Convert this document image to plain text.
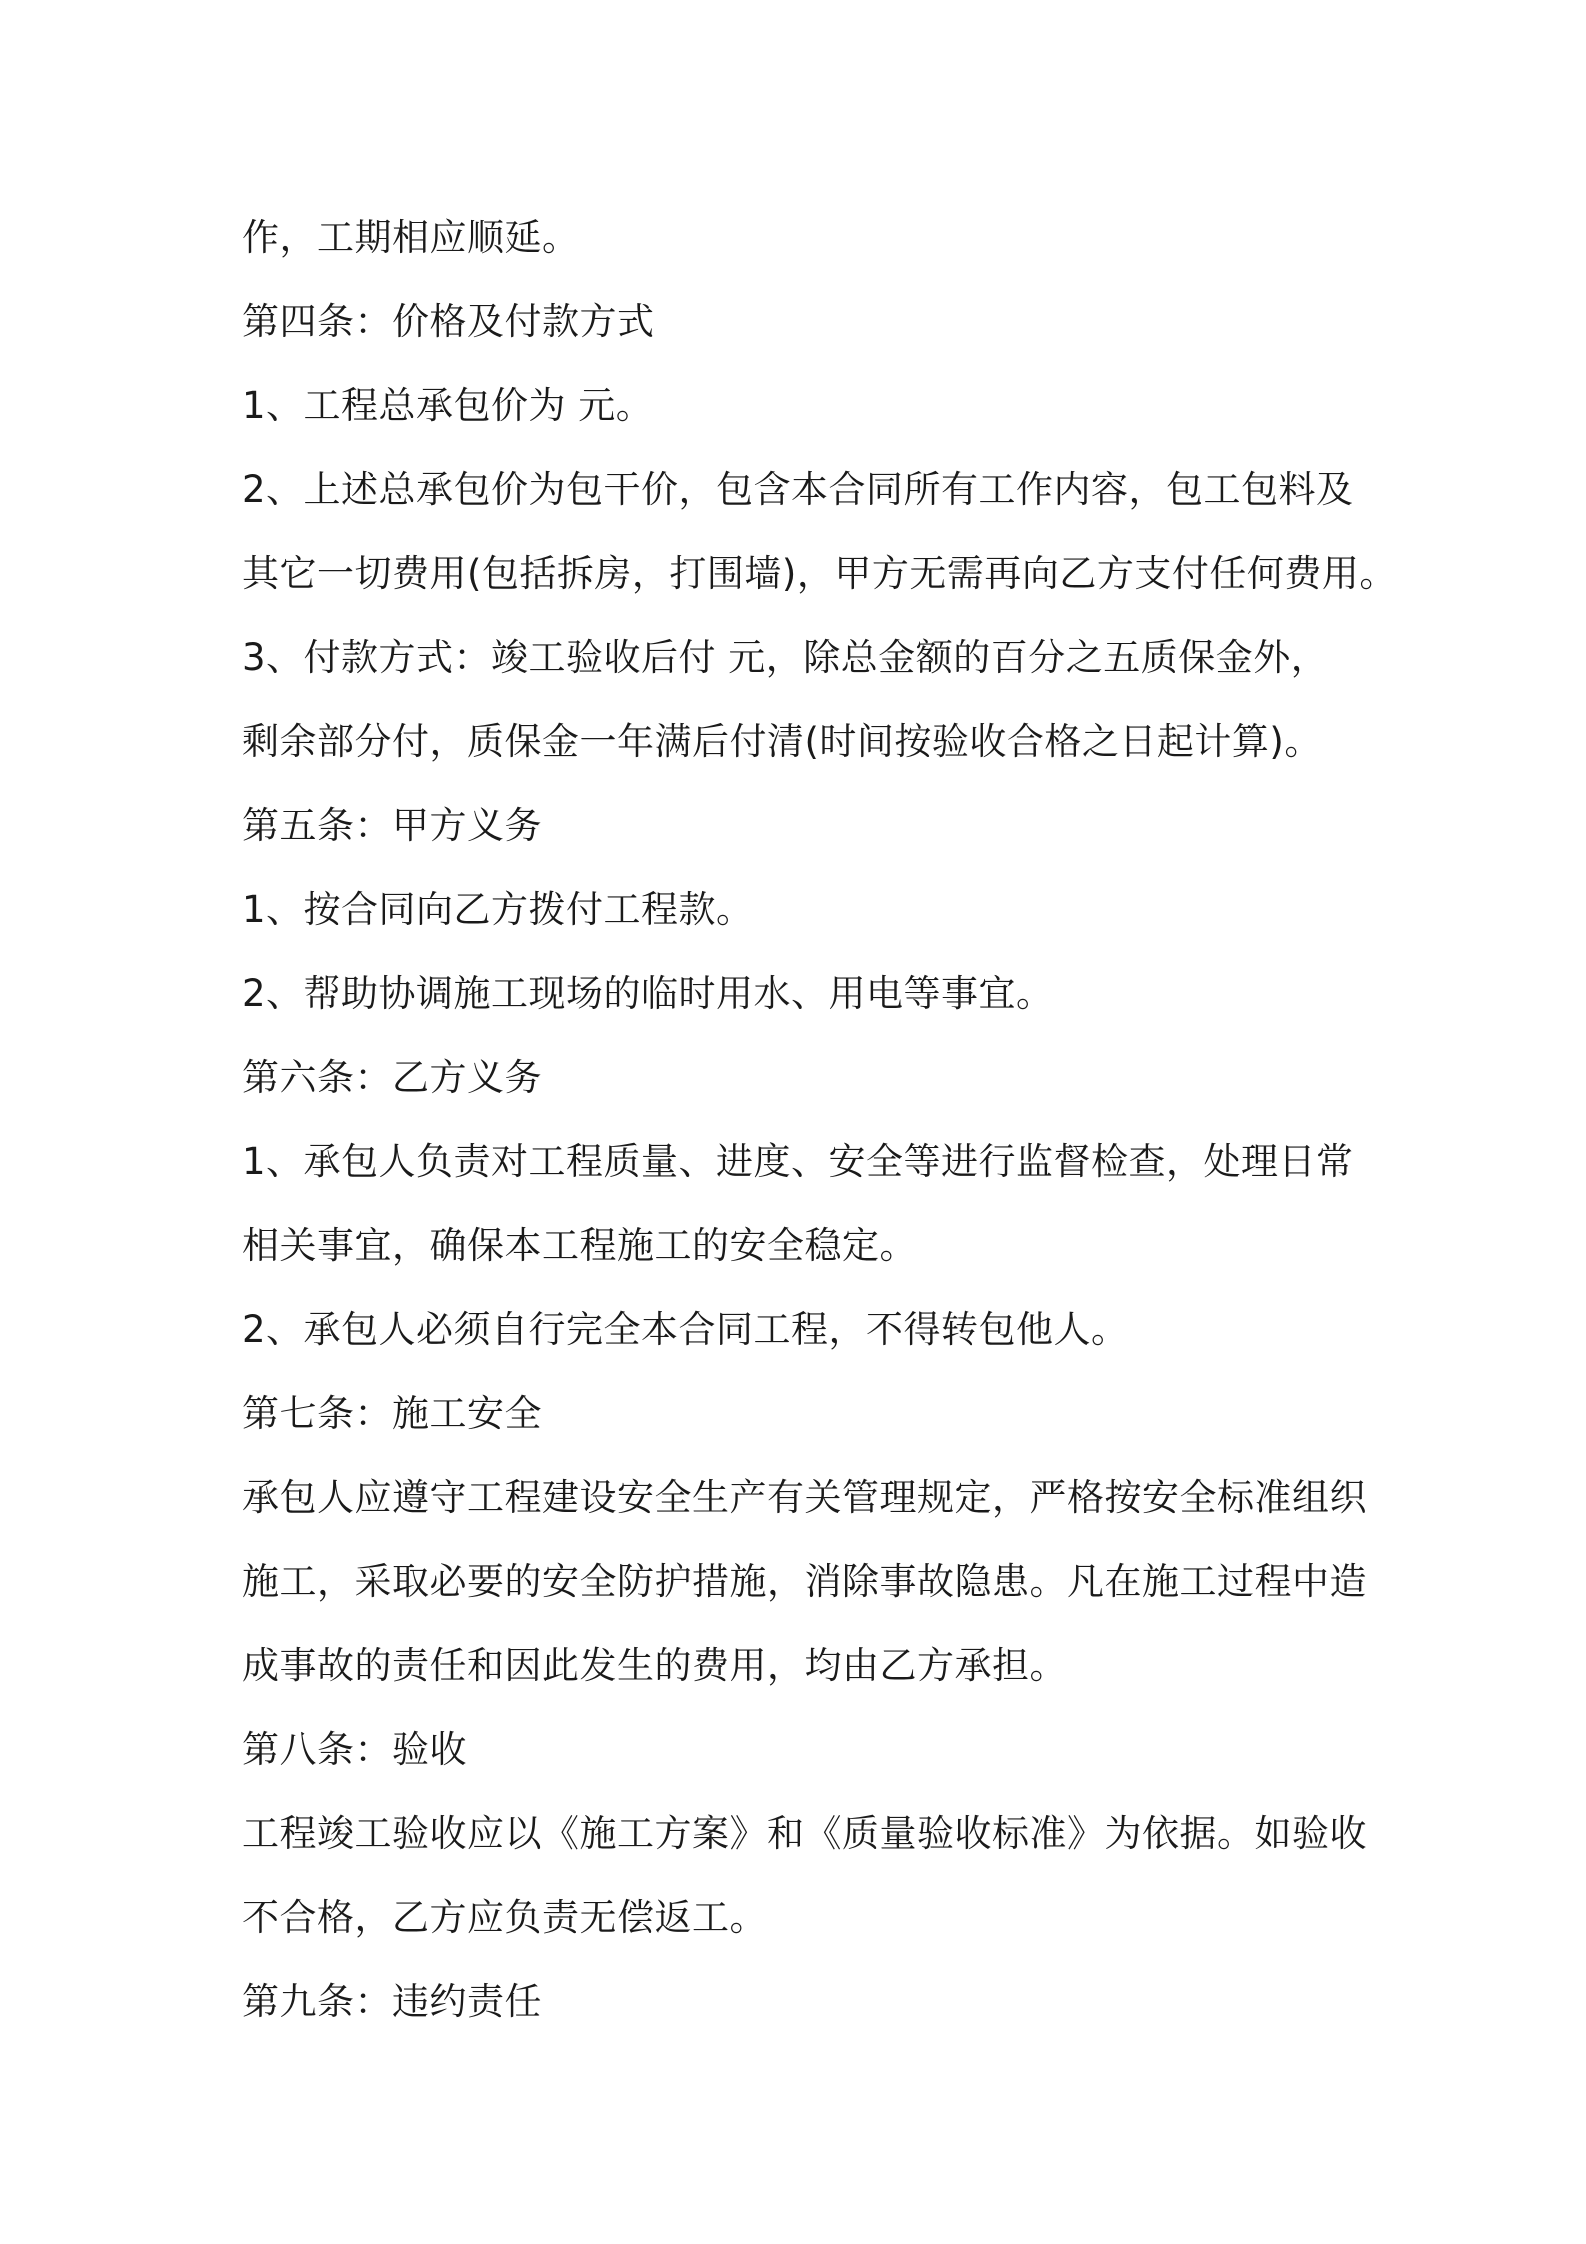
作，工期相应顺延。
第四条：价格及付款方式
1、工程总承包价为 元。
2、上述总承包价为包干价，包含本合同所有工作内容，包工包料及
其它一切费用(包括拆房，打围墙)，甲方无需再向乙方支付任何费用。
3、付款方式：竣工验收后付 元，除总金额的百分之五质保金外，
剩余部分付，质保金一年满后付清(时间按验收合格之日起计算)。
第五条：甲方义务
1、按合同向乙方拨付工程款。
2、帮助协调施工现场的临时用水、用电等事宜。
第六条：乙方义务
1、承包人负责对工程质量、进度、安全等进行监督检查，处理日常
相关事宜，确保本工程施工的安全稳定。
2、承包人必须自行完全本合同工程，不得转包他人。
第七条：施工安全
承包人应遵守工程建设安全生产有关管理规定，严格按安全标准组织
施工，采取必要的安全防护措施，消除事故隐患。凡在施工过程中造
成事故的责任和因此发生的费用，均由乙方承担。
第八条：验收
工程竣工验收应以《施工方案》和《质量验收标准》为依据。如验收
不合格，乙方应负责无偿返工。
第九条：违约责任
